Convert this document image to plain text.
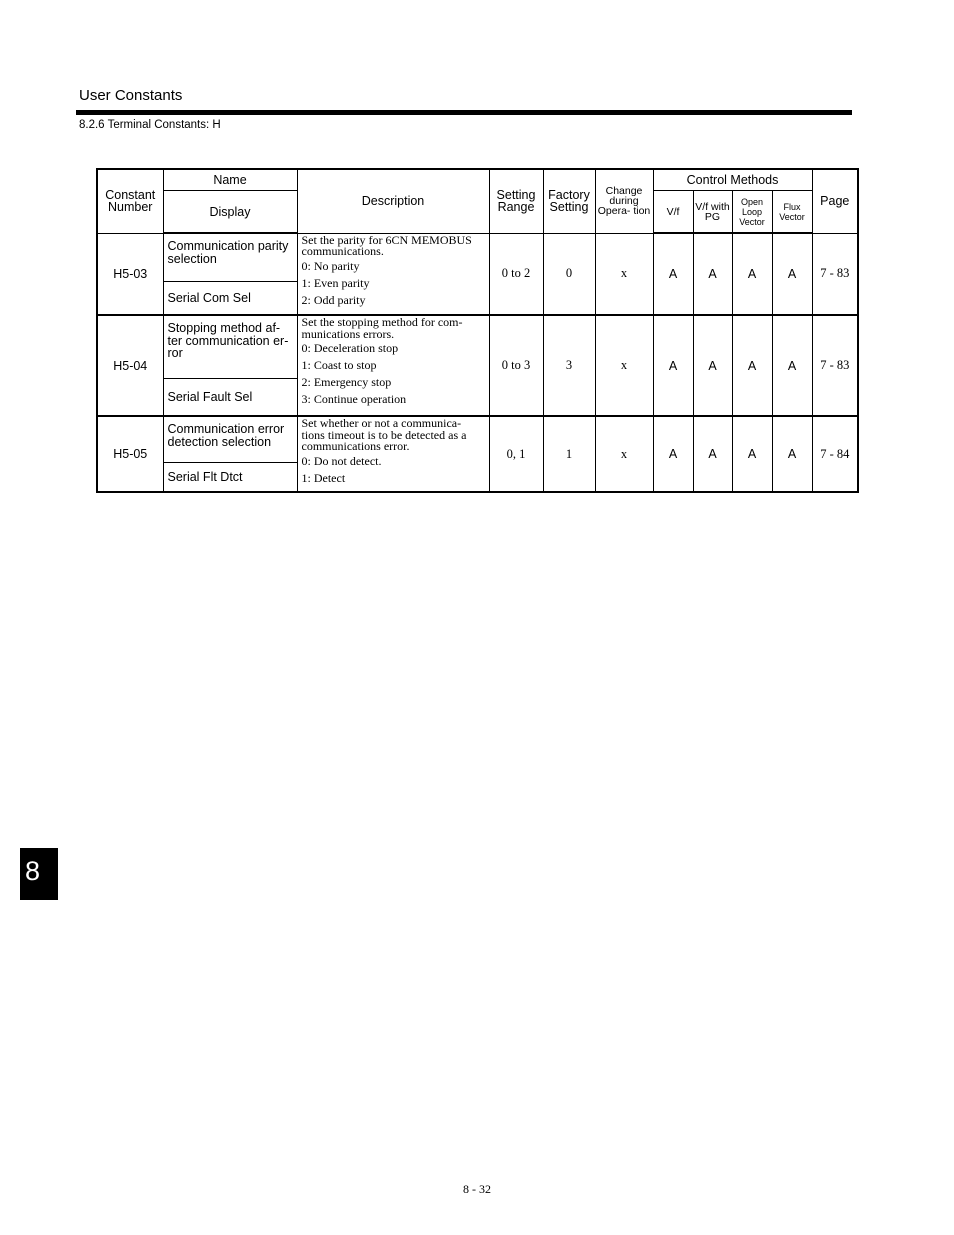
User Constants
8.2.6 Terminal Constants: H
Constant Number	Name	Description	Setting Range	Factory Setting	Change during Opera- tion	Control Methods				Page
	Display					V/f	V/f with PG	Open Loop Vector	Flux Vector	
H5-03	Communication parity selection	Set the parity for 6CN MEMOBUS communications.
0: No parity
1: Even parity
2: Odd parity	0 to 2	0	x	A	A	A	A	7 - 83
	Serial Com Sel									
H5-04	Stopping method af- ter communication er- ror	Set the stopping method for com- munications errors.
0: Deceleration stop
1: Coast to stop
2: Emergency stop
3: Continue operation	0 to 3	3	x	A	A	A	A	7 - 83
	Serial Fault Sel									
H5-05	Communication error detection selection	Set whether or not a communica- tions timeout is to be detected as a communications error.
0: Do not detect.
1: Detect	0, 1	1	x	A	A	A	A	7 - 84
	Serial Flt Dtct									
8
8 - 32
